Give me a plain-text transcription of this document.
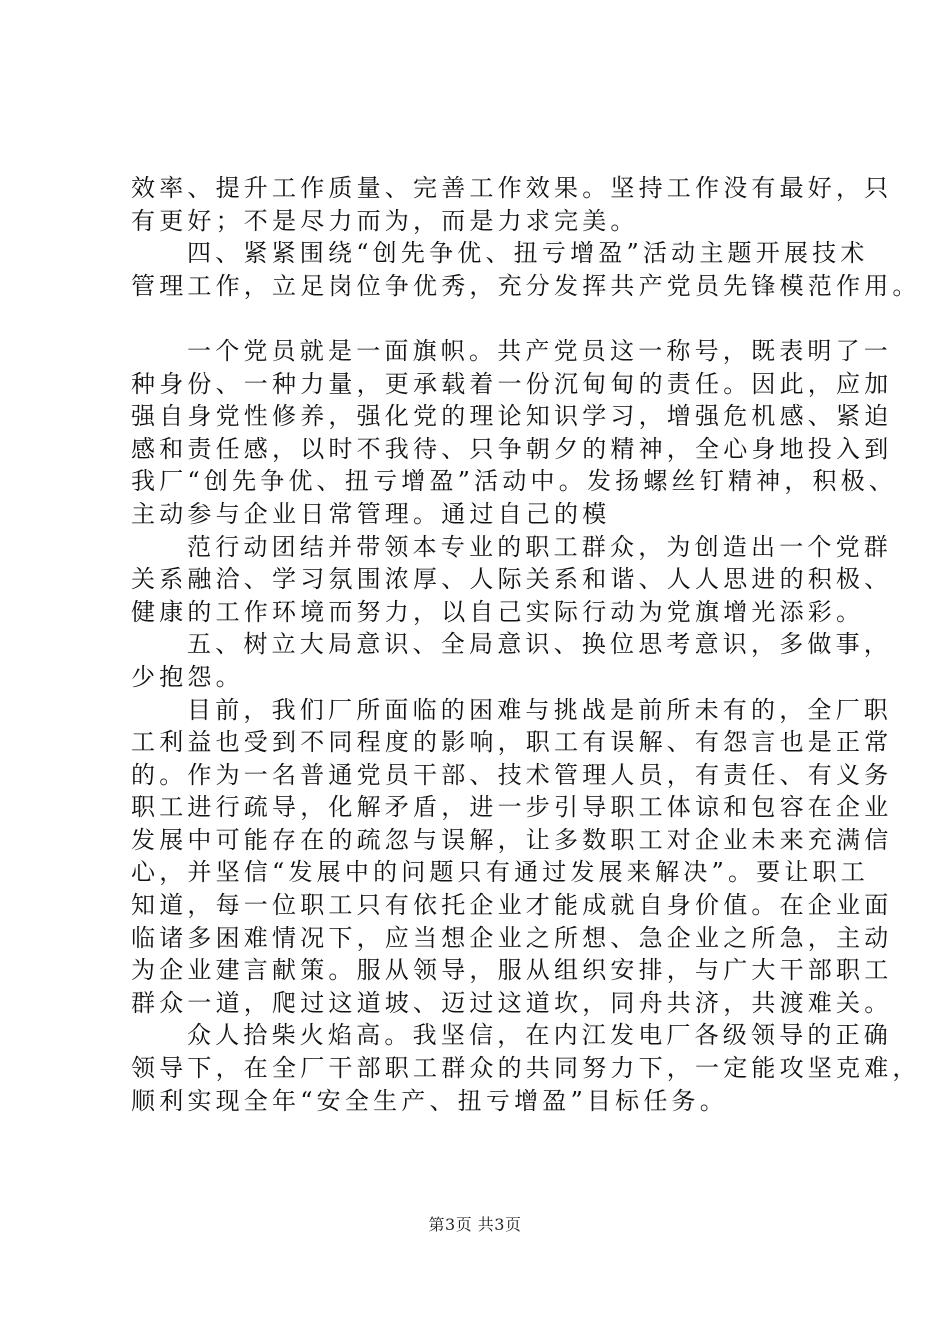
效率、提升工作质量、完善工作效果。坚持工作没有最好，只
有更好；不是尽力而为，而是力求完美。
四、紧紧围绕“创先争优、扭亏增盈”活动主题开展技术
管理工作，立足岗位争优秀，充分发挥共产党员先锋模范作用。
一个党员就是一面旗帜。共产党员这一称号，既表明了一
种身份、一种力量，更承载着一份沉甸甸的责任。因此，应加
强自身党性修养，强化党的理论知识学习，增强危机感、紧迫
感和责任感，以时不我待、只争朝夕的精神，全心身地投入到
我厂“创先争优、扭亏增盈”活动中。发扬螺丝钉精神，积极、
主动参与企业日常管理。通过自己的模
范行动团结并带领本专业的职工群众，为创造出一个党群
关系融洽、学习氛围浓厚、人际关系和谐、人人思进的积极、
健康的工作环境而努力，以自己实际行动为党旗增光添彩。
五、树立大局意识、全局意识、换位思考意识，多做事，
少抱怨。
目前，我们厂所面临的困难与挑战是前所未有的，全厂职
工利益也受到不同程度的影响，职工有误解、有怨言也是正常
的。作为一名普通党员干部、技术管理人员，有责任、有义务
职工进行疏导，化解矛盾，进一步引导职工体谅和包容在企业
发展中可能存在的疏忽与误解，让多数职工对企业未来充满信
心，并坚信“发展中的问题只有通过发展来解决”。要让职工
知道，每一位职工只有依托企业才能成就自身价值。在企业面
临诸多困难情况下，应当想企业之所想、急企业之所急，主动
为企业建言献策。服从领导，服从组织安排，与广大干部职工
群众一道，爬过这道坡、迈过这道坎，同舟共济，共渡难关。
众人拾柴火焰高。我坚信，在内江发电厂各级领导的正确
领导下，在全厂干部职工群众的共同努力下，一定能攻坚克难，
顺利实现全年“安全生产、扭亏增盈”目标任务。
第3页 共3页
